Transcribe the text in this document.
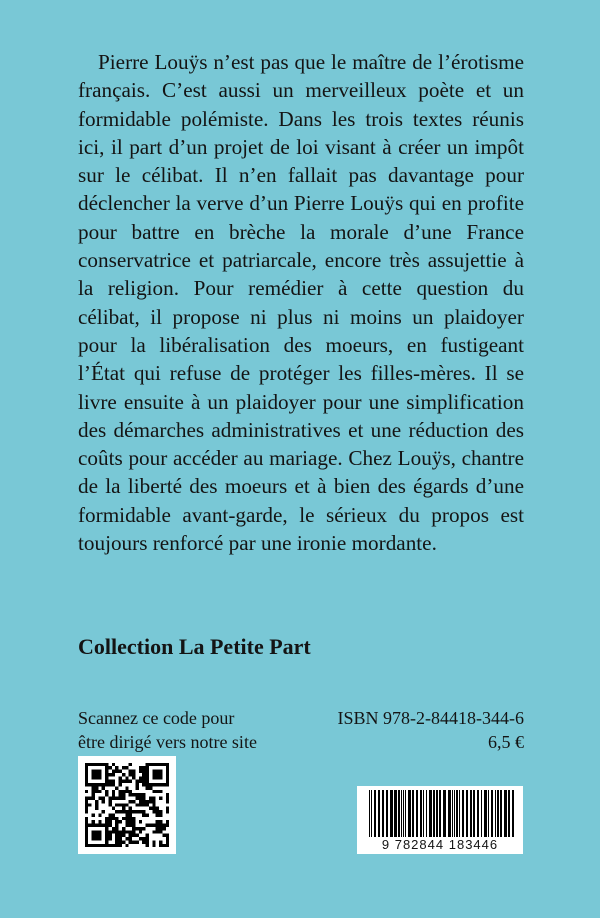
Pierre Louÿs n’est pas que le maître de l’érotisme français. C’est aussi un merveilleux poète et un formidable polémiste. Dans les trois textes réunis ici, il part d’un projet de loi visant à créer un impôt sur le célibat. Il n’en fallait pas davantage pour déclencher la verve d’un Pierre Louÿs qui en profite pour battre en brèche la morale d’une France conservatrice et patriarcale, encore très assujettie à la religion. Pour remédier à cette question du célibat, il propose ni plus ni moins un plaidoyer pour la libéralisation des moeurs, en fustigeant l’État qui refuse de protéger les filles-mères. Il se livre ensuite à un plaidoyer pour une simplification des démarches administratives et une réduction des coûts pour accéder au mariage. Chez Louÿs, chantre de la liberté des moeurs et à bien des égards d’une formidable avant-garde, le sérieux du propos est toujours renforcé par une ironie mordante.

Collection La Petite Part
Scannez ce code pour
être dirigé vers notre site
ISBN 978-2-84418-344-6
6,5 €
9 782844 183446
